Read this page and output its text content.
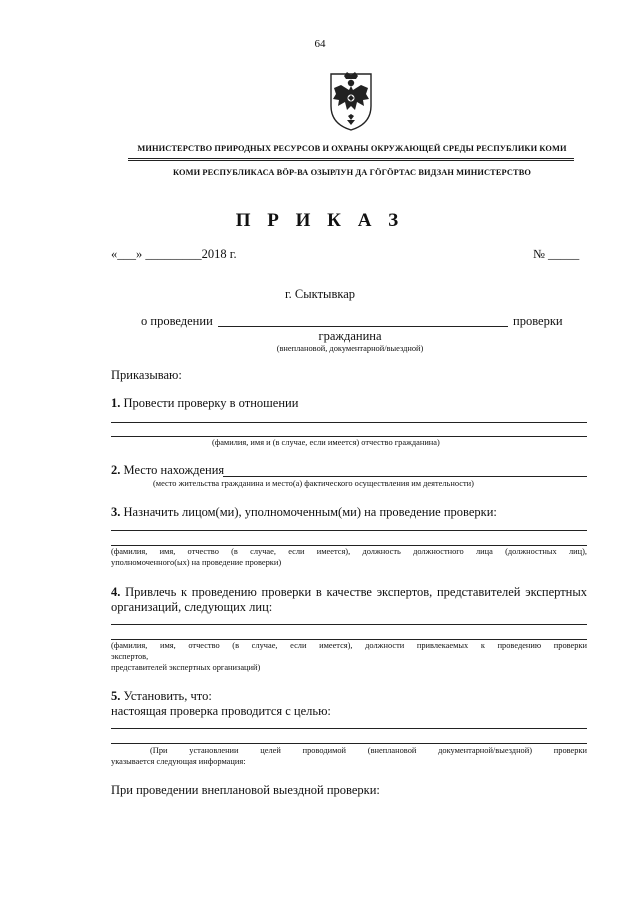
64
МИНИСТЕРСТВО ПРИРОДНЫХ РЕСУРСОВ И ОХРАНЫ ОКРУЖАЮЩЕЙ СРЕДЫ РЕСПУБЛИКИ КОМИ
КОМИ РЕСПУБЛИКАСА ВӦР-ВА ОЗЫРЛУН ДА ГӦГӦРТАС ВИДЗАН МИНИСТЕРСТВО
П Р И К А З
«___» _________2018 г.	№ _____
г. Сыктывкар
о проведении	проверки
гражданина
(внеплановой, документарной/выездной)
Приказываю:
1. Провести проверку в отношении
(фамилия, имя и (в случае, если имеется) отчество гражданина)
2. Место нахождения
(место жительства гражданина и место(а) фактического осуществления им деятельности)
3. Назначить лицом(ми), уполномоченным(ми) на проведение проверки:
(фамилия, имя, отчество (в случае, если имеется), должность должностного лица (должностных лиц),
уполномоченного(ых) на проведение проверки)
4. Привлечь к проведению проверки в качестве экспертов, представителей экспертных
организаций, следующих лиц:
(фамилия, имя, отчество (в случае, если имеется), должности привлекаемых к проведению проверки
экспертов,
представителей экспертных организаций)
5. Установить, что:
настоящая проверка проводится с целью:
(При установлении целей проводимой (внеплановой документарной/выездной) проверки
указывается следующая информация:
При проведении внеплановой выездной проверки:
